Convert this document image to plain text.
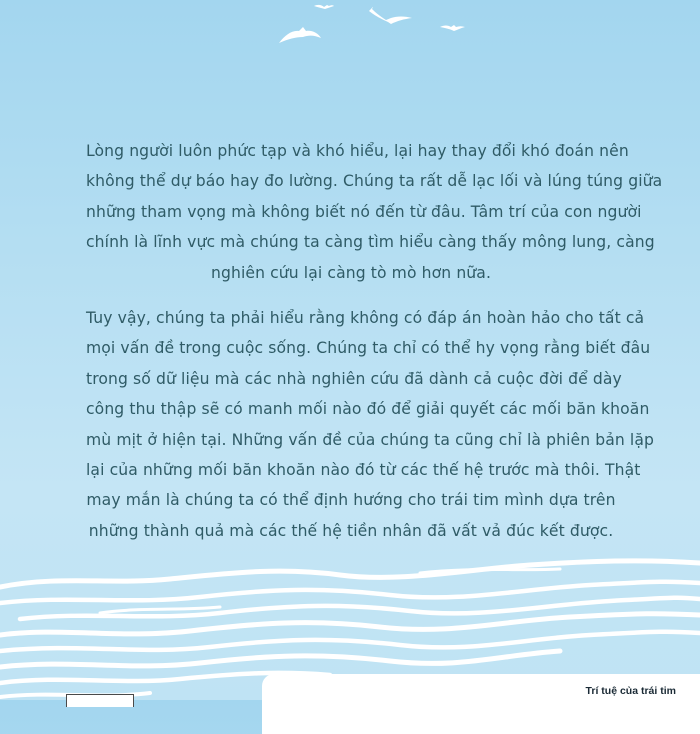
Lòng người luôn phức tạp và khó hiểu, lại hay thay đổi khó đoán nên
không thể dự báo hay đo lường. Chúng ta rất dễ lạc lối và lúng túng giữa
những tham vọng mà không biết nó đến từ đâu. Tâm trí của con người
chính là lĩnh vực mà chúng ta càng tìm hiểu càng thấy mông lung, càng
nghiên cứu lại càng tò mò hơn nữa.

Tuy vậy, chúng ta phải hiểu rằng không có đáp án hoàn hảo cho tất cả
mọi vấn đề trong cuộc sống. Chúng ta chỉ có thể hy vọng rằng biết đâu
trong số dữ liệu mà các nhà nghiên cứu đã dành cả cuộc đời để dày
công thu thập sẽ có manh mối nào đó để giải quyết các mối băn khoăn
mù mịt ở hiện tại. Những vấn đề của chúng ta cũng chỉ là phiên bản lặp
lại của những mối băn khoăn nào đó từ các thế hệ trước mà thôi. Thật
may mắn là chúng ta có thể định hướng cho trái tim mình dựa trên
những thành quả mà các thế hệ tiền nhân đã vất vả đúc kết được.

Trí tuệ của trái tim
